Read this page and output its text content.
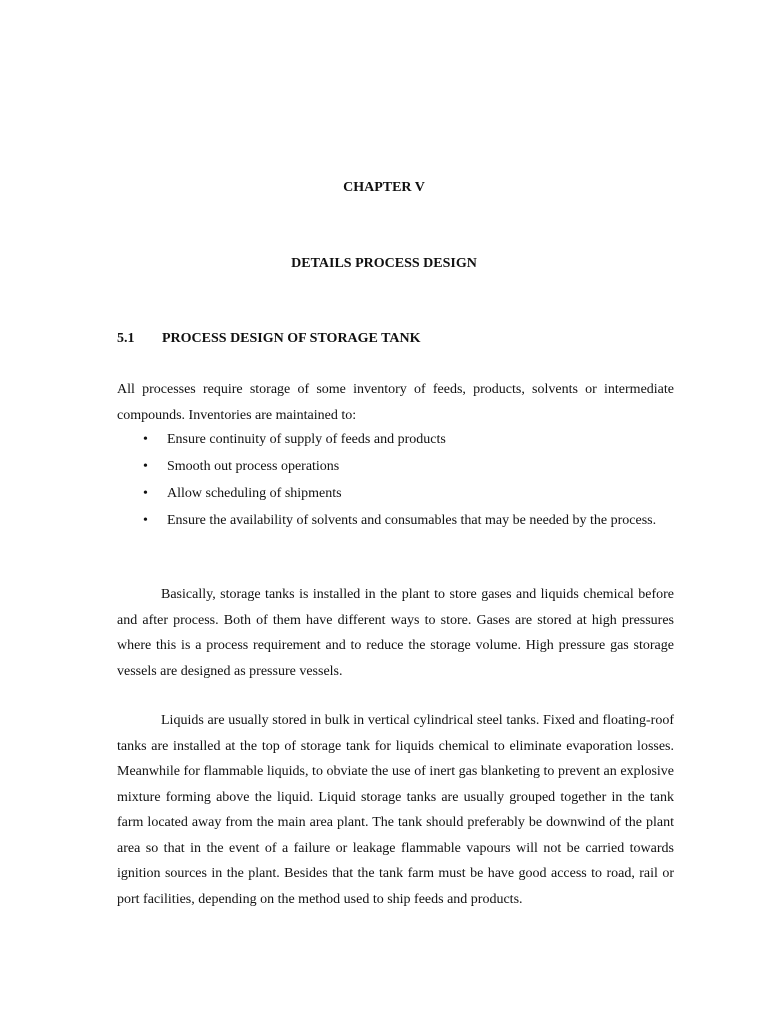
CHAPTER V
DETAILS PROCESS DESIGN
5.1 PROCESS DESIGN OF STORAGE TANK

All processes require storage of some inventory of feeds, products, solvents or intermediate compounds. Inventories are maintained to:

• Ensure continuity of supply of feeds and products
• Smooth out process operations
• Allow scheduling of shipments
• Ensure the availability of solvents and consumables that may be needed by the process.

Basically, storage tanks is installed in the plant to store gases and liquids chemical before and after process. Both of them have different ways to store. Gases are stored at high pressures where this is a process requirement and to reduce the storage volume. High pressure gas storage vessels are designed as pressure vessels.

Liquids are usually stored in bulk in vertical cylindrical steel tanks. Fixed and floating-roof tanks are installed at the top of storage tank for liquids chemical to eliminate evaporation losses. Meanwhile for flammable liquids, to obviate the use of inert gas blanketing to prevent an explosive mixture forming above the liquid. Liquid storage tanks are usually grouped together in the tank farm located away from the main area plant. The tank should preferably be downwind of the plant area so that in the event of a failure or leakage flammable vapours will not be carried towards ignition sources in the plant. Besides that the tank farm must be have good access to road, rail or port facilities, depending on the method used to ship feeds and products.
